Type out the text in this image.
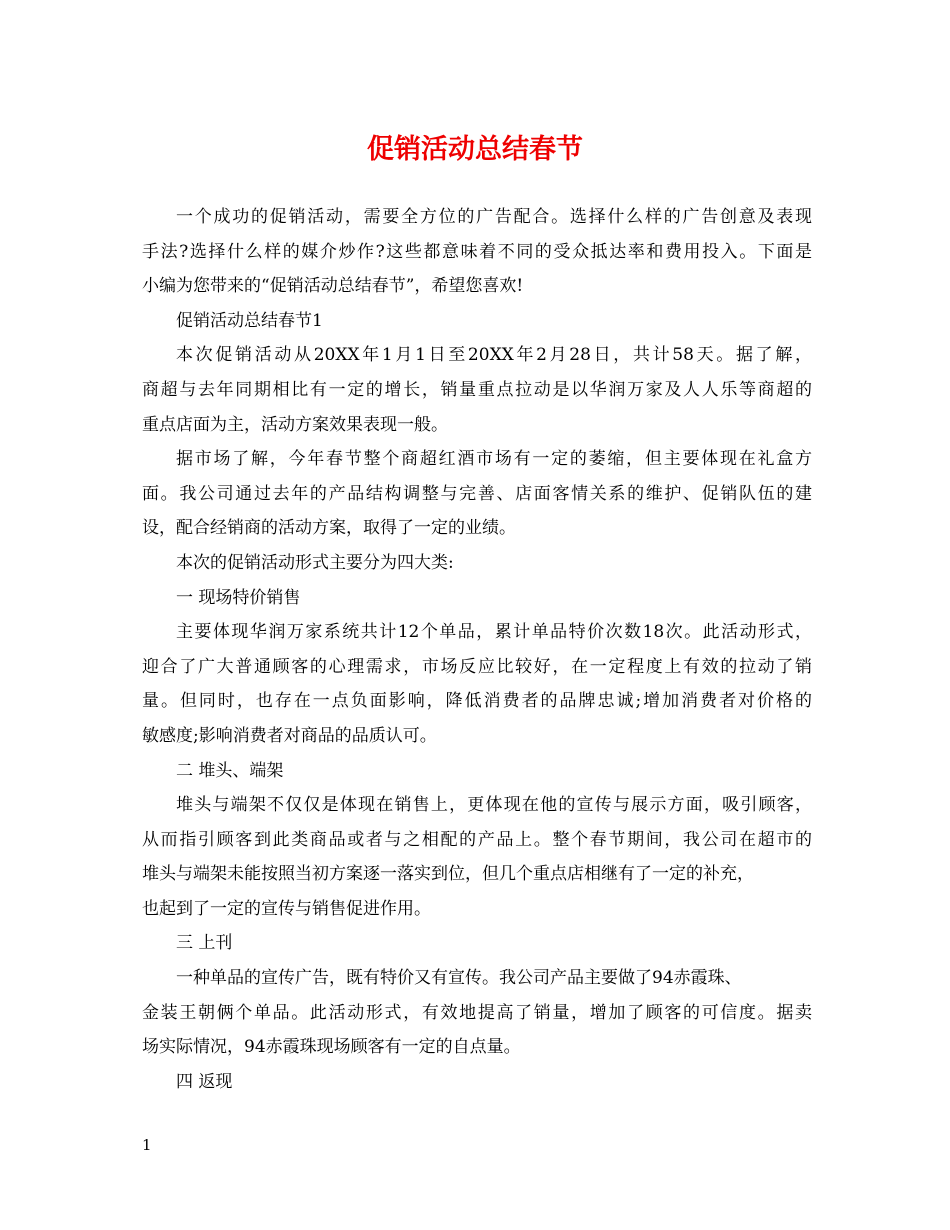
促销活动总结春节

一个成功的促销活动，需要全方位的广告配合。选择什么样的广告创意及表现

手法?选择什么样的媒介炒作?这些都意味着不同的受众抵达率和费用投入。下面是

小编为您带来的“促销活动总结春节”，希望您喜欢!

促销活动总结春节1

本次促销活动从20XX年1月1日至20XX年2月28日，共计58天。据了解，

商超与去年同期相比有一定的增长，销量重点拉动是以华润万家及人人乐等商超的

重点店面为主，活动方案效果表现一般。

据市场了解，今年春节整个商超红酒市场有一定的萎缩，但主要体现在礼盒方

面。我公司通过去年的产品结构调整与完善、店面客情关系的维护、促销队伍的建

设，配合经销商的活动方案，取得了一定的业绩。

本次的促销活动形式主要分为四大类:

一 现场特价销售

主要体现华润万家系统共计12个单品，累计单品特价次数18次。此活动形式，

迎合了广大普通顾客的心理需求，市场反应比较好，在一定程度上有效的拉动了销

量。但同时，也存在一点负面影响，降低消费者的品牌忠诚;增加消费者对价格的

敏感度;影响消费者对商品的品质认可。

二 堆头、端架

堆头与端架不仅仅是体现在销售上，更体现在他的宣传与展示方面，吸引顾客，

从而指引顾客到此类商品或者与之相配的产品上。整个春节期间，我公司在超市的

堆头与端架未能按照当初方案逐一落实到位，但几个重点店相继有了一定的补充，

也起到了一定的宣传与销售促进作用。

三 上刊

一种单品的宣传广告，既有特价又有宣传。我公司产品主要做了94赤霞珠、

金装王朝俩个单品。此活动形式，有效地提高了销量，增加了顾客的可信度。据卖

场实际情况，94赤霞珠现场顾客有一定的自点量。

四 返现

1
